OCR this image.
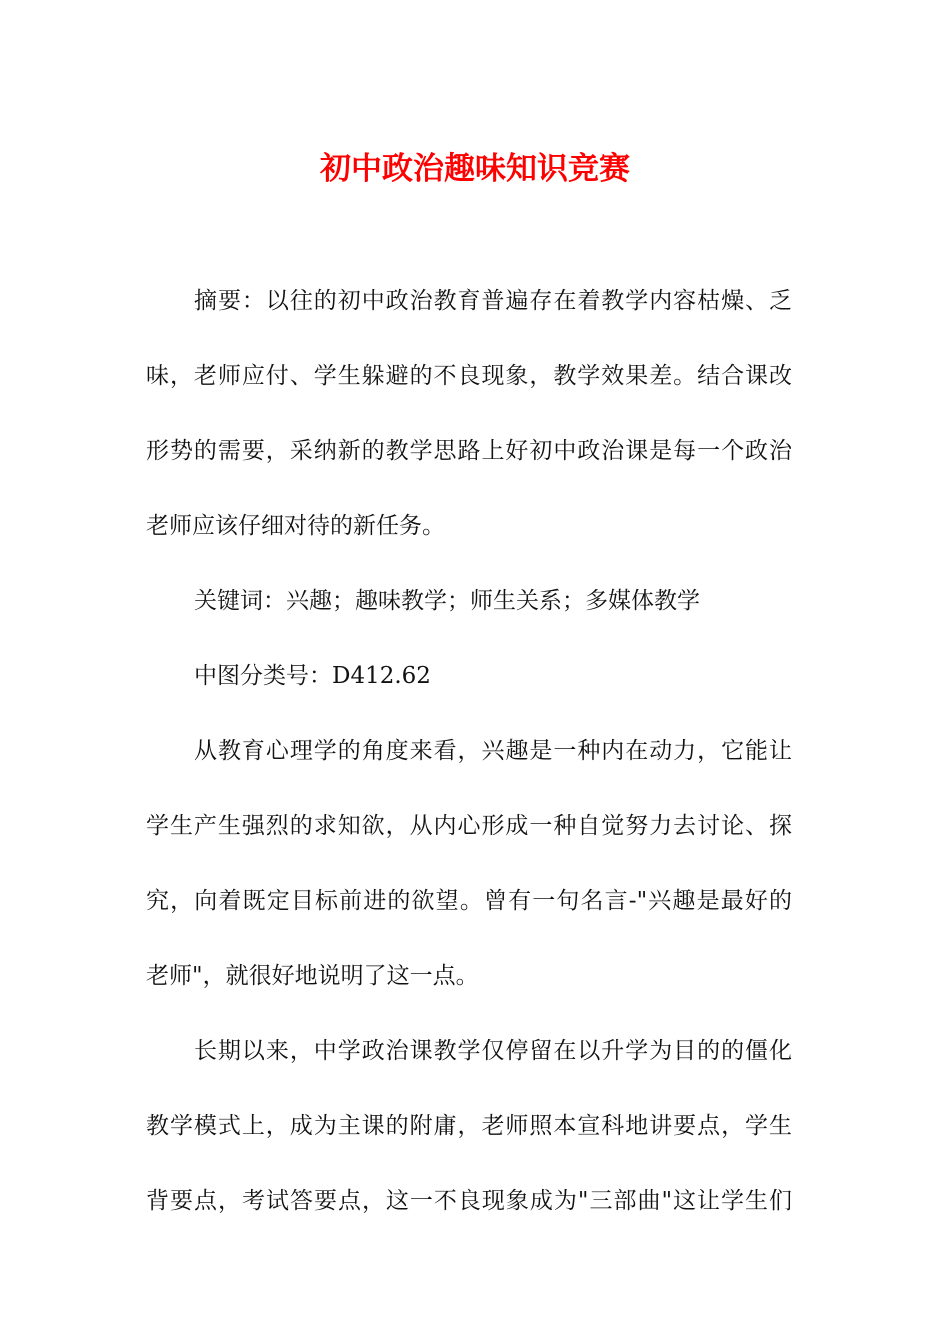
初中政治趣味知识竞赛
摘要：以往的初中政治教育普遍存在着教学内容枯燥、乏
味，老师应付、学生躲避的不良现象，教学效果差。结合课改
形势的需要，采纳新的教学思路上好初中政治课是每一个政治
老师应该仔细对待的新任务。
关键词：兴趣；趣味教学；师生关系；多媒体教学
中图分类号：D412.62
从教育心理学的角度来看，兴趣是一种内在动力，它能让
学生产生强烈的求知欲，从内心形成一种自觉努力去讨论、探
究，向着既定目标前进的欲望。曾有一句名言-"兴趣是最好的
老师"，就很好地说明了这一点。
长期以来，中学政治课教学仅停留在以升学为目的的僵化
教学模式上，成为主课的附庸，老师照本宣科地讲要点，学生
背要点，考试答要点，这一不良现象成为"三部曲"这让学生们
